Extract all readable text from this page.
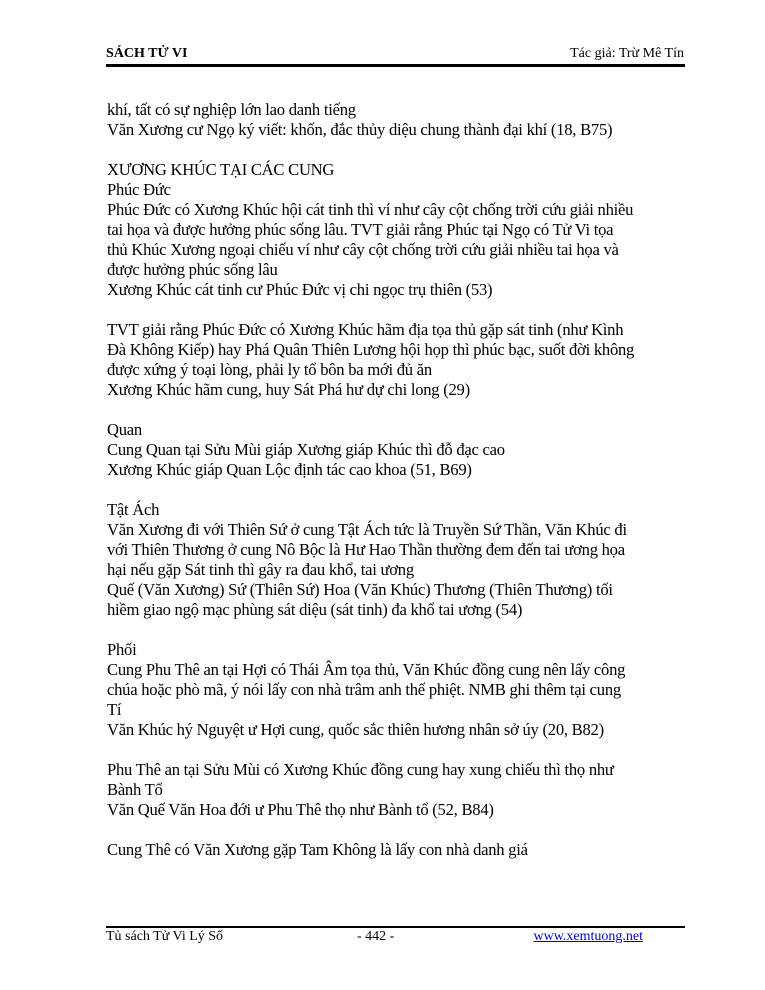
SÁCH TỬ VI	Tác giả: Trừ Mê Tín
khí, tất có sự nghiệp lớn lao danh tiếng
Văn Xương cư Ngọ ký viết: khốn, đắc thủy diệu chung thành đại khí (18, B75)
XƯƠNG KHÚC TẠI CÁC CUNG
Phúc Đức
Phúc Đức có Xương Khúc hội cát tinh thì ví như cây cột chống trời cứu giải nhiều
tai họa và được hưởng phúc sống lâu. TVT giải rằng Phúc tại Ngọ có Tử Vi tọa
thủ Khúc Xương ngoại chiếu ví như cây cột chống trời cứu giải nhiều tai họa và
được hưởng phúc sống lâu
Xương Khúc cát tinh cư Phúc Đức vị chi ngọc trụ thiên (53)
TVT giải rằng Phúc Đức có Xương Khúc hãm địa tọa thủ gặp sát tinh (như Kình
Đà Không Kiếp) hay Phá Quân Thiên Lương hội họp thì phúc bạc, suốt đời không
được xứng ý toại lòng, phải ly tổ bôn ba mới đủ ăn
Xương Khúc hãm cung, huy Sát Phá hư dự chi long (29)
Quan
Cung Quan tại Sửu Mùi giáp Xương giáp Khúc thì đỗ đạc cao
Xương Khúc giáp Quan Lộc định tác cao khoa (51, B69)
Tật Ách
Văn Xương đi với Thiên Sứ ở cung Tật Ách tức là Truyền Sứ Thần, Văn Khúc đi
với Thiên Thương ở cung Nô Bộc là Hư Hao Thần thường đem đến tai ương họa
hại nếu gặp Sát tinh thì gây ra đau khổ, tai ương
Quế (Văn Xương) Sứ (Thiên Sứ) Hoa (Văn Khúc) Thương (Thiên Thương) tối
hiềm giao ngộ mạc phùng sát diệu (sát tinh) đa khổ tai ương (54)
Phối
Cung Phu Thê an tại Hợi có Thái Âm tọa thủ, Văn Khúc đồng cung nên lấy công
chúa hoặc phò mã, ý nói lấy con nhà trâm anh thế phiệt. NMB ghi thêm tại cung
Tí
Văn Khúc hý Nguyệt ư Hợi cung, quốc sắc thiên hương nhân sở úy (20, B82)
Phu Thê an tại Sửu Mùi có Xương Khúc đồng cung hay xung chiếu thì thọ như
Bành Tổ
Văn Quế Văn Hoa đới ư Phu Thê thọ như Bành tổ (52, B84)
Cung Thê có Văn Xương gặp Tam Không là lấy con nhà danh giá
Tủ sách Tử Vi Lý Số	- 442 -	www.xemtuong.net
